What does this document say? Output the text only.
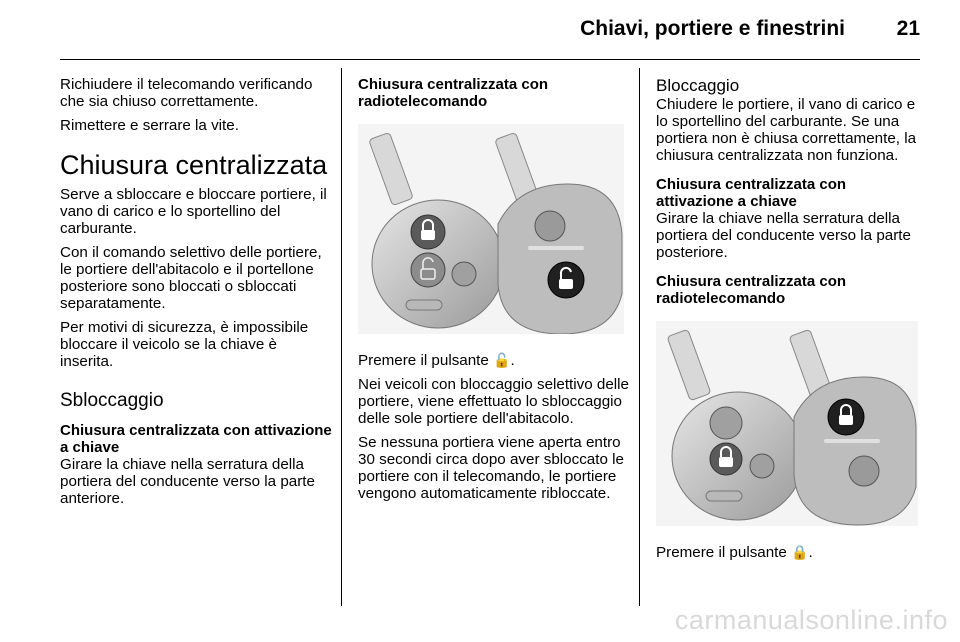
Chiavi, portiere e finestrini 21

Richiudere il telecomando verificando che sia chiuso correttamente.

Rimettere e serrare la vite.

Chiusura centralizzata

Serve a sbloccare e bloccare portiere, il vano di carico e lo sportellino del carburante.

Con il comando selettivo delle portiere, le portiere dell'abitacolo e il portellone posteriore sono bloccati o sbloccati separatamente.

Per motivi di sicurezza, è impossibile bloccare il veicolo se la chiave è inserita.

Sbloccaggio
Chiusura centralizzata con attivazione a chiave

Girare la chiave nella serratura della portiera del conducente verso la parte anteriore.

Chiusura centralizzata con radiotelecomando

Premere il pulsante 🔓.

Nei veicoli con bloccaggio selettivo delle portiere, viene effettuato lo sbloccaggio delle sole portiere dell'abitacolo.

Se nessuna portiera viene aperta entro 30 secondi circa dopo aver sbloccato le portiere con il telecomando, le portiere vengono automaticamente ribloccate.

Bloccaggio

Chiudere le portiere, il vano di carico e lo sportellino del carburante. Se una portiera non è chiusa correttamente, la chiusura centralizzata non funziona.

Chiusura centralizzata con attivazione a chiave

Girare la chiave nella serratura della portiera del conducente verso la parte posteriore.

Chiusura centralizzata con radiotelecomando

Premere il pulsante 🔒.

carmanualsonline.info
